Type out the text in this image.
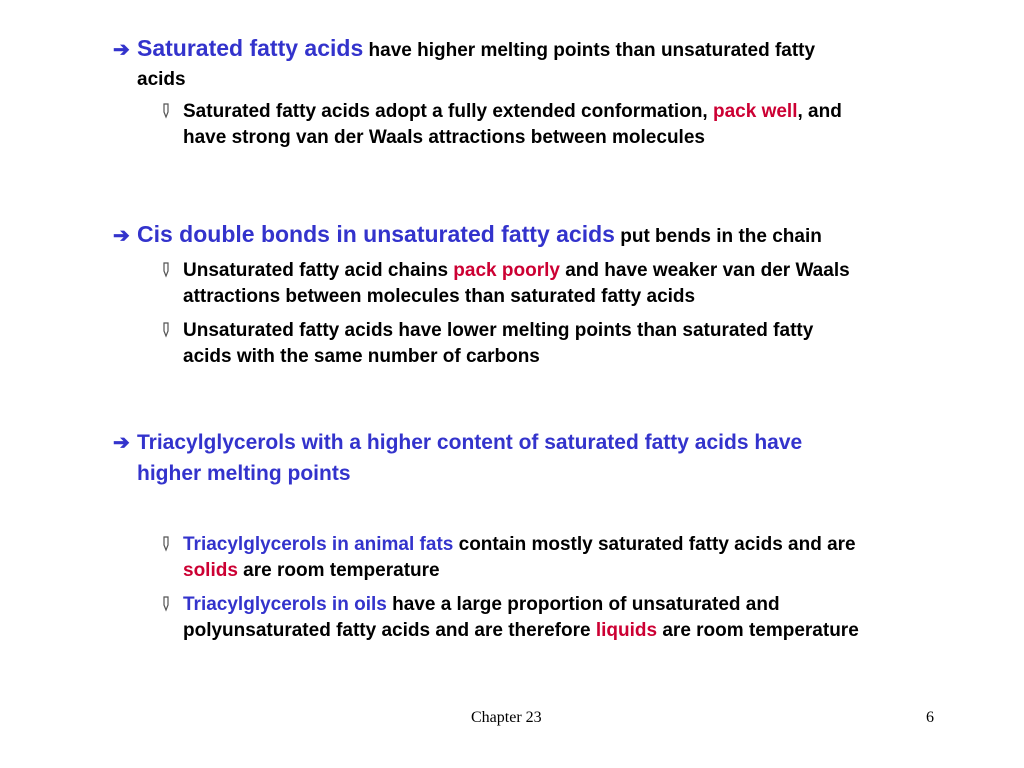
➔ Saturated fatty acids have higher melting points than unsaturated fatty
acids
Saturated fatty acids adopt a fully extended conformation, pack well, and
have strong van der Waals attractions between molecules
➔ Cis double bonds in unsaturated fatty acids put bends in the chain
Unsaturated fatty acid chains pack poorly and have weaker van der Waals
attractions between molecules than saturated fatty acids
Unsaturated fatty acids have lower melting points than saturated fatty
acids with the same number of carbons
➔ Triacylglycerols with a higher content of saturated fatty acids have
higher melting points
Triacylglycerols in animal fats contain mostly saturated fatty acids and are
solids are room temperature
Triacylglycerols in oils have a large proportion of unsaturated and
polyunsaturated fatty acids and are therefore liquids are room temperature
Chapter 23	6
